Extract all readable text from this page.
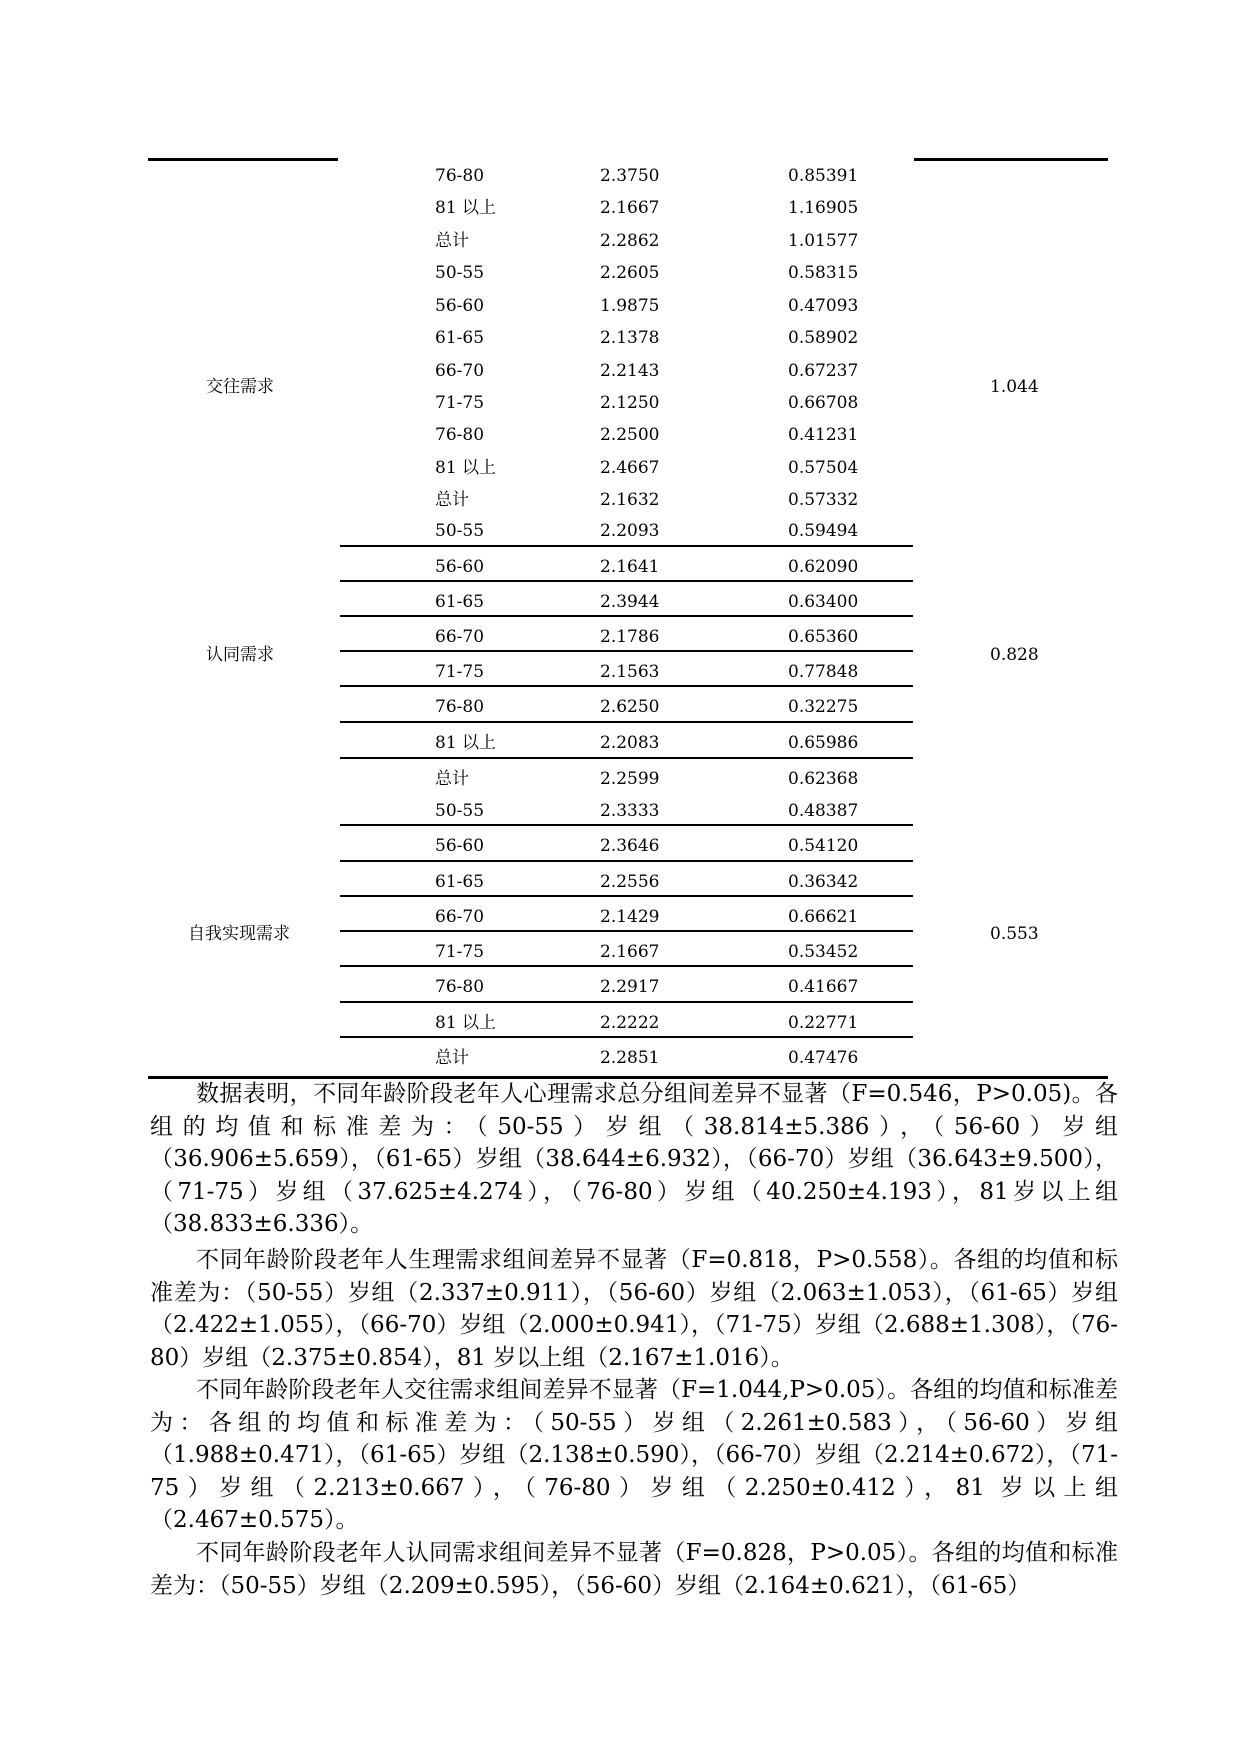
76-80	2.3750	0.85391
81 以上	2.1667	1.16905
总计	2.2862	1.01577
50-55	2.2605	0.58315
56-60	1.9875	0.47093
61-65	2.1378	0.58902
66-70	2.2143	0.67237
71-75	2.1250	0.66708
76-80	2.2500	0.41231
81 以上	2.4667	0.57504
总计	2.1632	0.57332
交往需求	1.044
50-55	2.2093	0.59494
56-60	2.1641	0.62090
61-65	2.3944	0.63400
66-70	2.1786	0.65360
71-75	2.1563	0.77848
76-80	2.6250	0.32275
81 以上	2.2083	0.65986
总计	2.2599	0.62368
认同需求	0.828
50-55	2.3333	0.48387
56-60	2.3646	0.54120
61-65	2.2556	0.36342
66-70	2.1429	0.66621
71-75	2.1667	0.53452
76-80	2.2917	0.41667
81 以上	2.2222	0.22771
总计	2.2851	0.47476
自我实现需求	0.553

数据表明，不同年龄阶段老年人心理需求总分组间差异不显著（F=0.546，P>0.05)。各组的均值和标准差为：（50-55）岁组（38.814±5.386），（56-60）岁组（36.906±5.659），（61-65）岁组（38.644±6.932），（66-70）岁组（36.643±9.500），（71-75）岁组（37.625±4.274），（76-80）岁组（40.250±4.193），81岁以上组（38.833±6.336）。

不同年龄阶段老年人生理需求组间差异不显著（F=0.818，P>0.558）。各组的均值和标准差为：（50-55）岁组（2.337±0.911），（56-60）岁组（2.063±1.053），（61-65）岁组（2.422±1.055），（66-70）岁组（2.000±0.941），（71-75）岁组（2.688±1.308），（76-80）岁组（2.375±0.854），81 岁以上组（2.167±1.016）。

不同年龄阶段老年人交往需求组间差异不显著（F=1.044,P>0.05）。各组的均值和标准差为：各组的均值和标准差为：（50-55）岁组（2.261±0.583），（56-60）岁组（1.988±0.471），（61-65）岁组（2.138±0.590），（66-70）岁组（2.214±0.672），（71-75）岁组（2.213±0.667），（76-80）岁组（2.250±0.412），81 岁以上组（2.467±0.575）。

不同年龄阶段老年人认同需求组间差异不显著（F=0.828，P>0.05）。各组的均值和标准差为：（50-55）岁组（2.209±0.595），（56-60）岁组（2.164±0.621），（61-65）
